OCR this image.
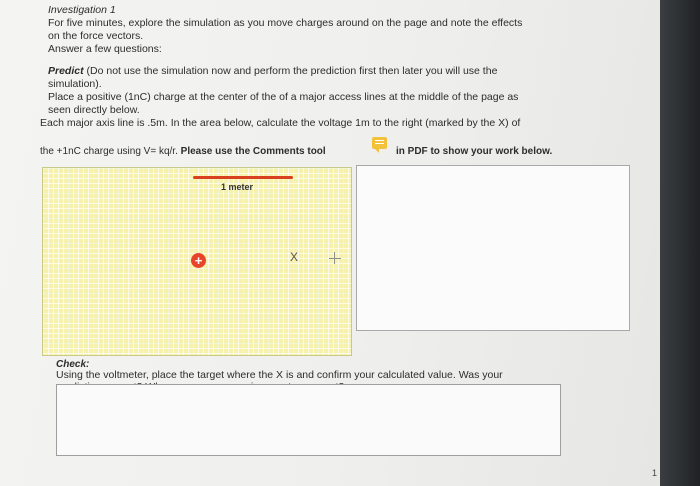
Investigation 1
For five minutes, explore the simulation as you move charges around on the page and note the effects
on the force vectors.
Answer a few questions:
Predict (Do not use the simulation now and perform the prediction first then later you will use the
simulation).
Place a positive (1nC) charge at the center of the of a major access lines at the middle of the page as
seen directly below.
Each major axis line is .5m. In the area below, calculate the voltage 1m to the right (marked by the X) of
the +1nC charge using V= kq/r. Please use the Comments tool	in PDF to show your work below.
1 meter
+	X
Check:
Using the voltmeter, place the target where the X is and confirm your calculated value. Was your
1
